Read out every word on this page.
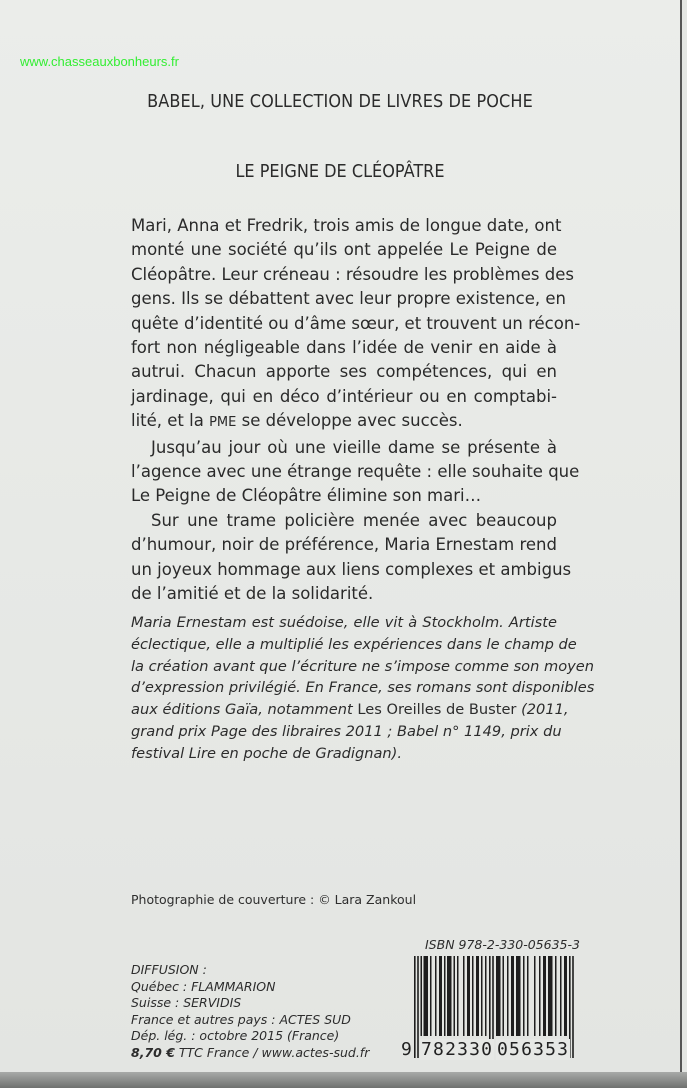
www.chasseauxbonheurs.fr
BABEL, UNE COLLECTION DE LIVRES DE POCHE
LE PEIGNE DE CLÉOPÂTRE

Mari, Anna et Fredrik, trois amis de longue date, ont
monté une société qu’ils ont appelée Le Peigne de
Cléopâtre. Leur créneau : résoudre les problèmes des
gens. Ils se débattent avec leur propre existence, en
quête d’identité ou d’âme sœur, et trouvent un récon-
fort non négligeable dans l’idée de venir en aide à
autrui. Chacun apporte ses compétences, qui en
jardinage, qui en déco d’intérieur ou en comptabi-
lité, et la PME se développe avec succès.

Jusqu’au jour où une vieille dame se présente à
l’agence avec une étrange requête : elle souhaite que
Le Peigne de Cléopâtre élimine son mari…

Sur une trame policière menée avec beaucoup
d’humour, noir de préférence, Maria Ernestam rend
un joyeux hommage aux liens complexes et ambigus
de l’amitié et de la solidarité.

Maria Ernestam est suédoise, elle vit à Stockholm. Artiste
éclectique, elle a multiplié les expériences dans le champ de
la création avant que l’écriture ne s’impose comme son moyen
d’expression privilégié. En France, ses romans sont disponibles
aux éditions Gaïa, notamment Les Oreilles de Buster (2011,
grand prix Page des libraires 2011 ; Babel n° 1149, prix du
festival Lire en poche de Gradignan).
Photographie de couverture : © Lara Zankoul
DIFFUSION :
Québec : FLAMMARION
Suisse : SERVIDIS
France et autres pays : ACTES SUD
Dép. lég. : octobre 2015 (France)
8,70 € TTC France / www.actes-sud.fr
ISBN 978-2-330-05635-3
9 782330 056353
